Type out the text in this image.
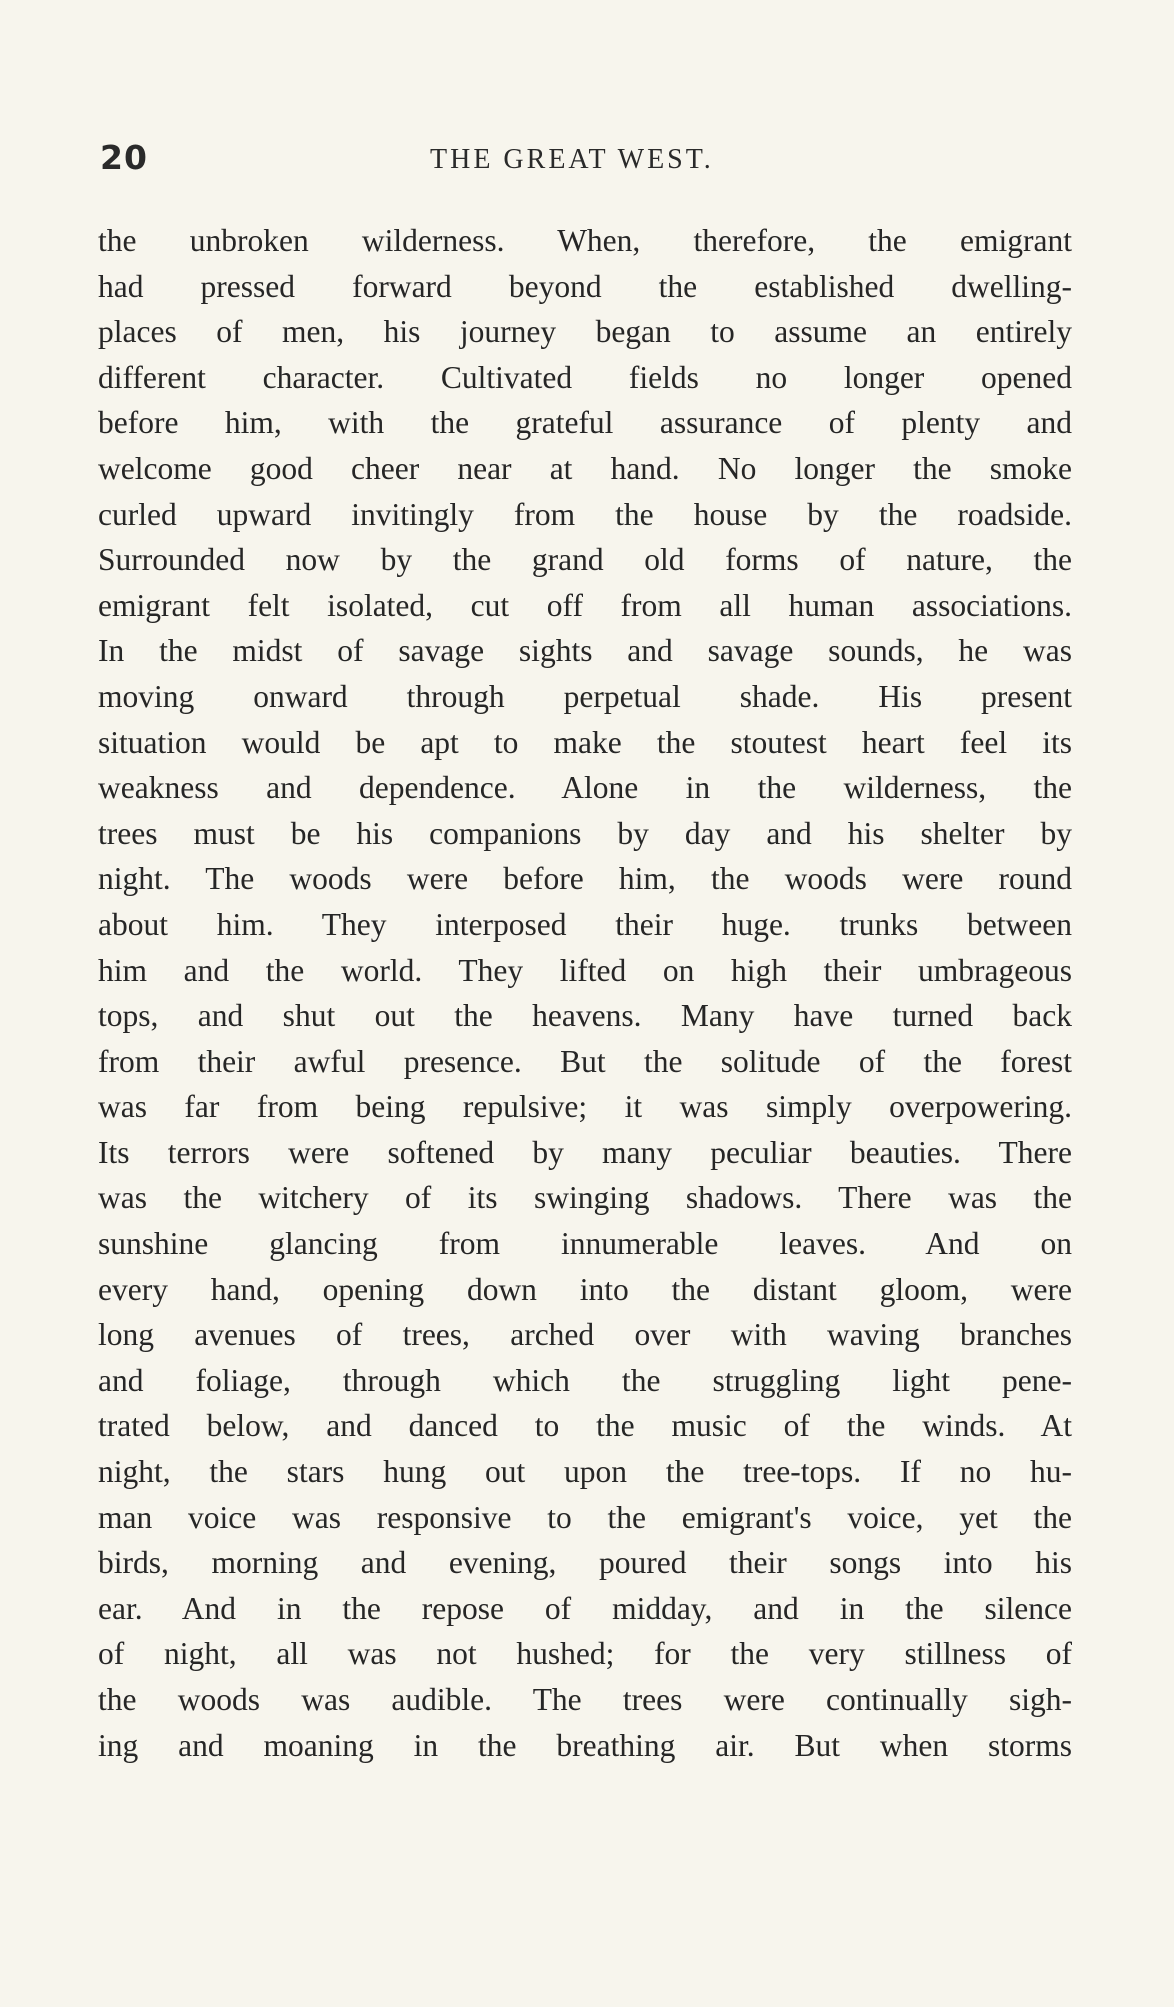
20	THE GREAT WEST.
the unbroken wilderness. When, therefore, the emigrant
had pressed forward beyond the established dwelling-
places of men, his journey began to assume an entirely
different character. Cultivated fields no longer opened
before him, with the grateful assurance of plenty and
welcome good cheer near at hand. No longer the smoke
curled upward invitingly from the house by the roadside.
Surrounded now by the grand old forms of nature, the
emigrant felt isolated, cut off from all human associations.
In the midst of savage sights and savage sounds, he was
moving onward through perpetual shade. His present
situation would be apt to make the stoutest heart feel its
weakness and dependence. Alone in the wilderness, the
trees must be his companions by day and his shelter by
night. The woods were before him, the woods were round
about him. They interposed their huge. trunks between
him and the world. They lifted on high their umbrageous
tops, and shut out the heavens. Many have turned back
from their awful presence. But the solitude of the forest
was far from being repulsive; it was simply overpowering.
Its terrors were softened by many peculiar beauties. There
was the witchery of its swinging shadows. There was the
sunshine glancing from innumerable leaves. And on
every hand, opening down into the distant gloom, were
long avenues of trees, arched over with waving branches
and foliage, through which the struggling light pene-
trated below, and danced to the music of the winds. At
night, the stars hung out upon the tree-tops. If no hu-
man voice was responsive to the emigrant's voice, yet the
birds, morning and evening, poured their songs into his
ear. And in the repose of midday, and in the silence
of night, all was not hushed; for the very stillness of
the woods was audible. The trees were continually sigh-
ing and moaning in the breathing air. But when storms
